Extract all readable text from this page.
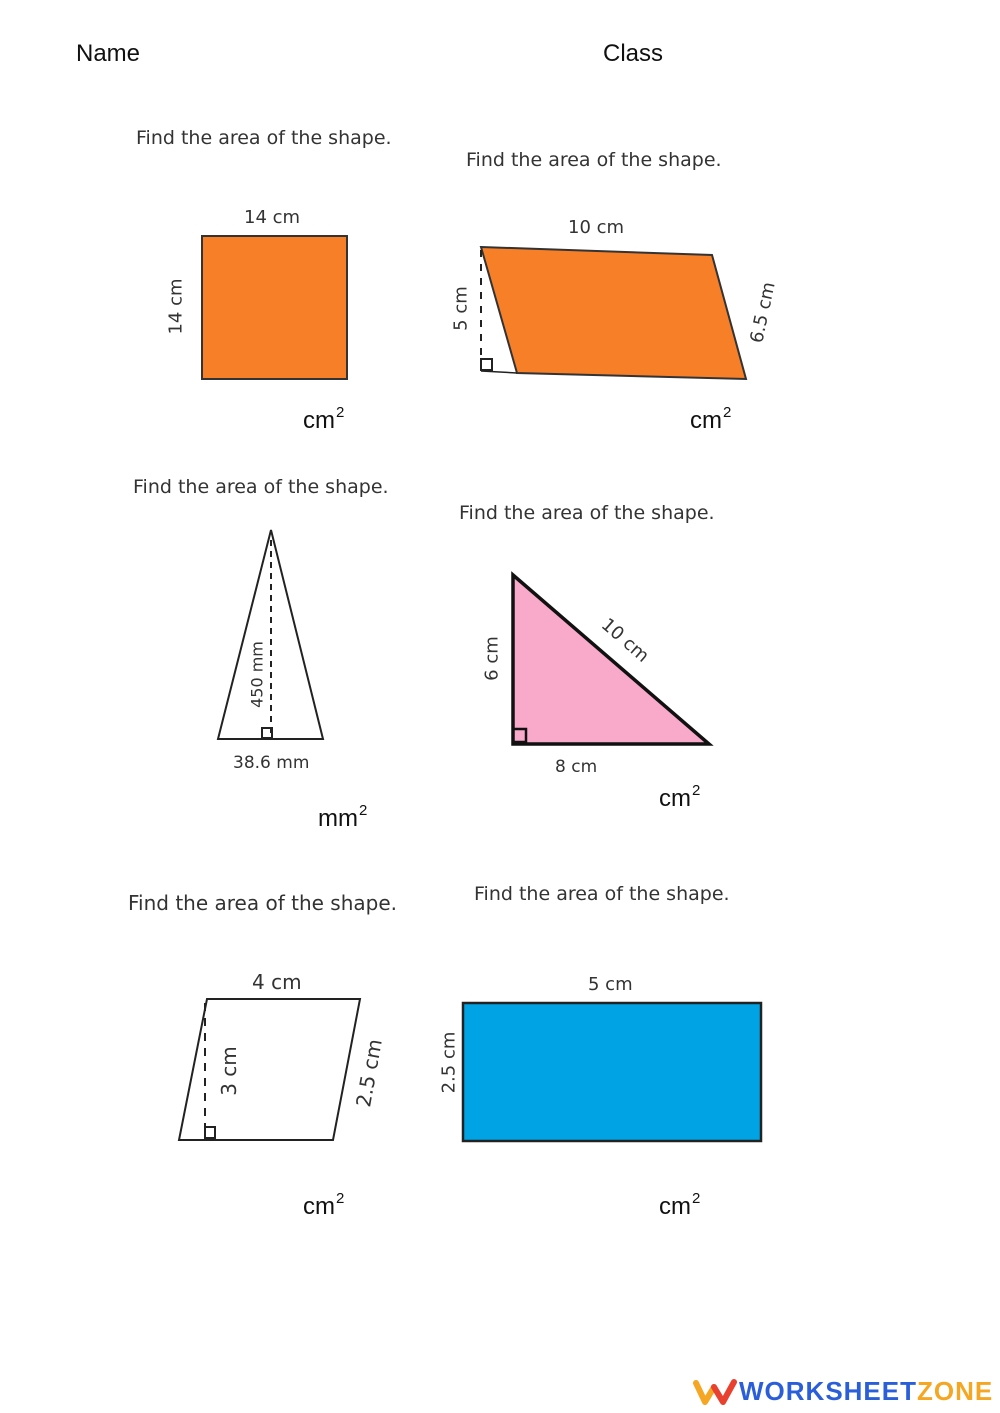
Name	Class
Find the area of the shape.
14 cm
14 cm
$cm^2$
Find the area of the shape.
10 cm
5 cm	6.5 cm
$cm^2$
Find the area of the shape.
450 mm
38.6 mm
$mm^2$
Find the area of the shape.
6 cm	10 cm
8 cm
$cm^2$
Find the area of the shape.
4 cm
3 cm	2.5 cm
$cm^2$
Find the area of the shape.
5 cm
2.5 cm
$cm^2$
WORKSHEETZONE
